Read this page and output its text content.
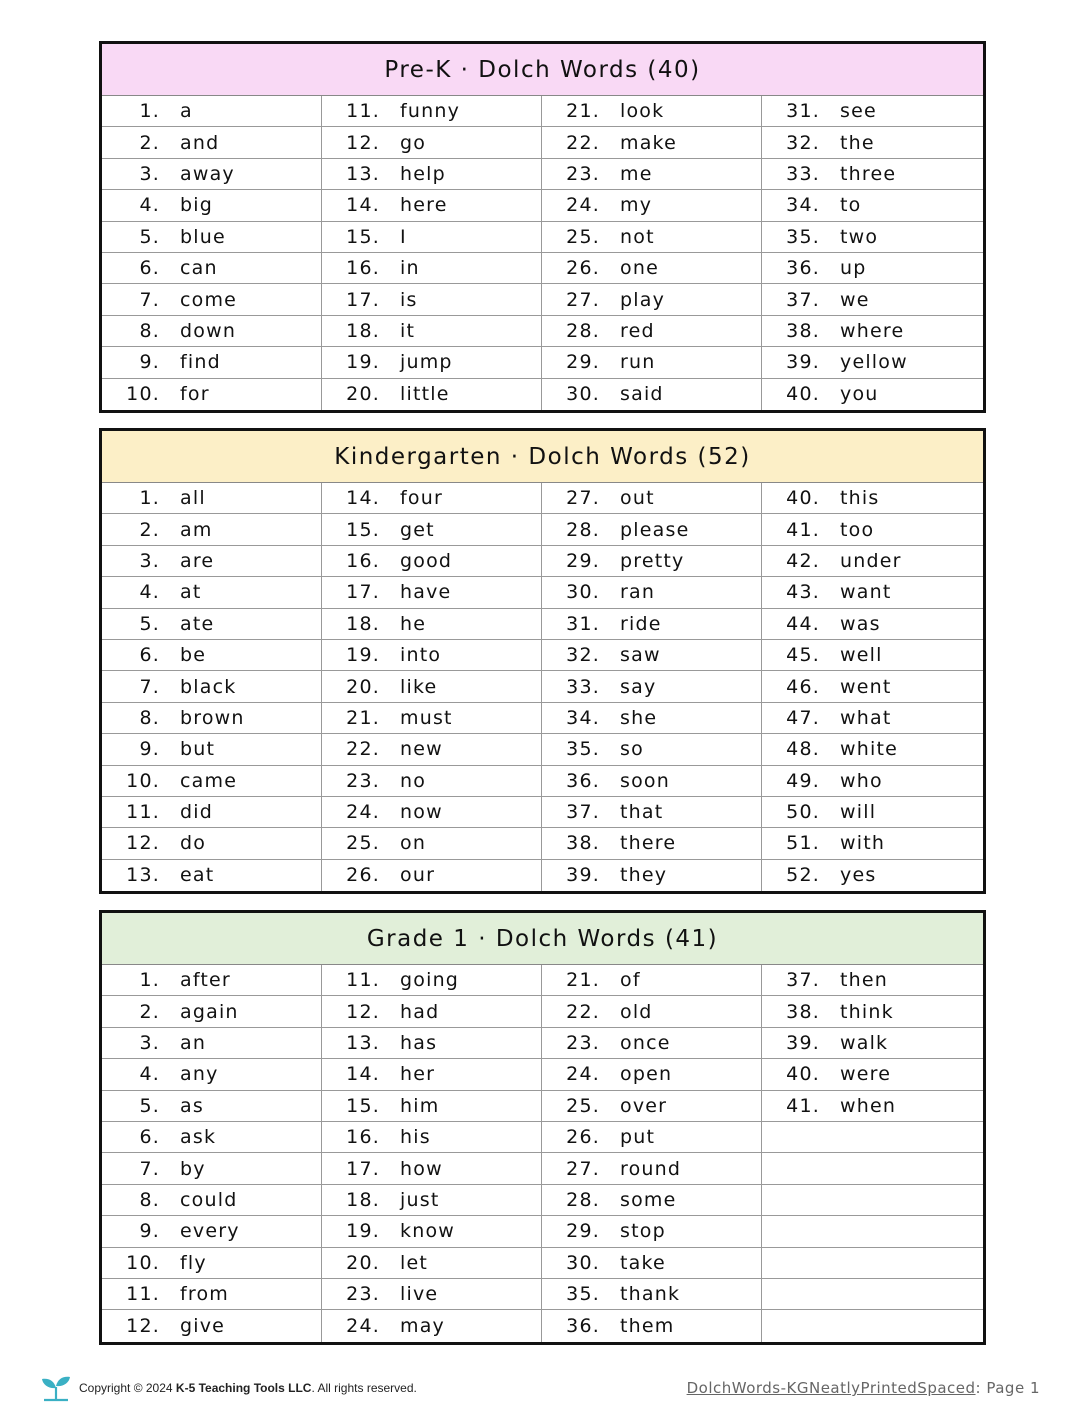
Pre-K · Dolch Words (40)
1.	a	11.	funny	21.	look	31.	see
2.	and	12.	go	22.	make	32.	the
3.	away	13.	help	23.	me	33.	three
4.	big	14.	here	24.	my	34.	to
5.	blue	15.	I	25.	not	35.	two
6.	can	16.	in	26.	one	36.	up
7.	come	17.	is	27.	play	37.	we
8.	down	18.	it	28.	red	38.	where
9.	find	19.	jump	29.	run	39.	yellow
10.	for	20.	little	30.	said	40.	you
Kindergarten · Dolch Words (52)
1.	all	14.	four	27.	out	40.	this
2.	am	15.	get	28.	please	41.	too
3.	are	16.	good	29.	pretty	42.	under
4.	at	17.	have	30.	ran	43.	want
5.	ate	18.	he	31.	ride	44.	was
6.	be	19.	into	32.	saw	45.	well
7.	black	20.	like	33.	say	46.	went
8.	brown	21.	must	34.	she	47.	what
9.	but	22.	new	35.	so	48.	white
10.	came	23.	no	36.	soon	49.	who
11.	did	24.	now	37.	that	50.	will
12.	do	25.	on	38.	there	51.	with
13.	eat	26.	our	39.	they	52.	yes
Grade 1 · Dolch Words (41)
1.	after	11.	going	21.	of	37.	then
2.	again	12.	had	22.	old	38.	think
3.	an	13.	has	23.	once	39.	walk
4.	any	14.	her	24.	open	40.	were
5.	as	15.	him	25.	over	41.	when
6.	ask	16.	his	26.	put
7.	by	17.	how	27.	round
8.	could	18.	just	28.	some
9.	every	19.	know	29.	stop
10.	fly	20.	let	30.	take
11.	from	23.	live	35.	thank
12.	give	24.	may	36.	them
Copyright © 2024 K-5 Teaching Tools LLC. All rights reserved.	DolchWords-KGNeatlyPrintedSpaced: Page 1
